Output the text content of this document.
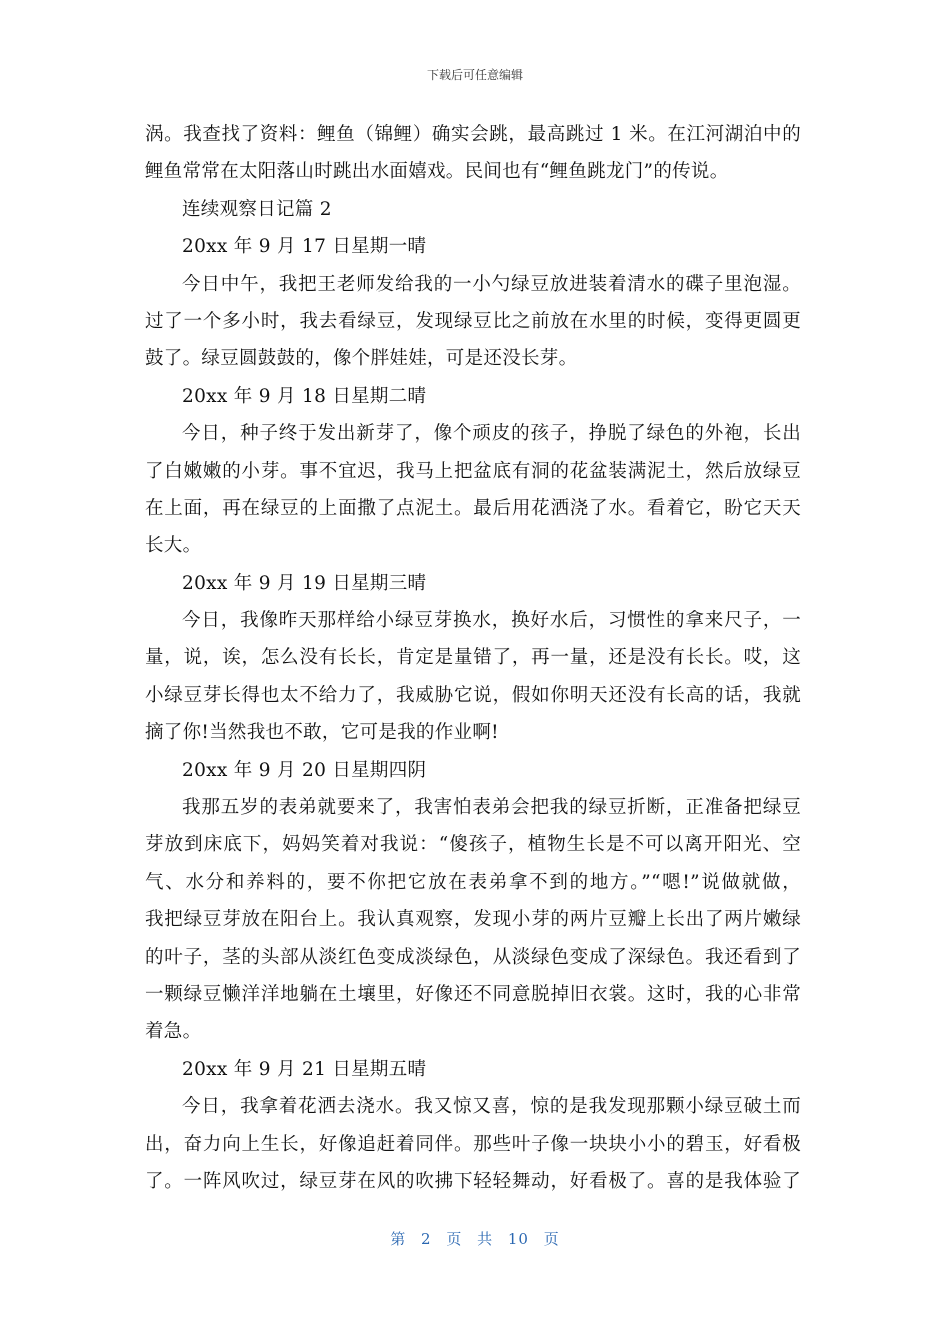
下载后可任意编辑
涡。我查找了资料：鲤鱼（锦鲤）确实会跳，最高跳过 1 米。在江河湖泊中的
鲤鱼常常在太阳落山时跳出水面嬉戏。民间也有“鲤鱼跳龙门”的传说。
连续观察日记篇 2
20xx 年 9 月 17 日星期一晴
今日中午，我把王老师发给我的一小勺绿豆放进装着清水的碟子里泡湿。
过了一个多小时，我去看绿豆，发现绿豆比之前放在水里的时候，变得更圆更
鼓了。绿豆圆鼓鼓的，像个胖娃娃，可是还没长芽。
20xx 年 9 月 18 日星期二晴
今日，种子终于发出新芽了，像个顽皮的孩子，挣脱了绿色的外袍，长出
了白嫩嫩的小芽。事不宜迟，我马上把盆底有洞的花盆装满泥土，然后放绿豆
在上面，再在绿豆的上面撒了点泥土。最后用花洒浇了水。看着它，盼它天天
长大。
20xx 年 9 月 19 日星期三晴
今日，我像昨天那样给小绿豆芽换水，换好水后，习惯性的拿来尺子，一
量，说，诶，怎么没有长长，肯定是量错了，再一量，还是没有长长。哎，这
小绿豆芽长得也太不给力了，我威胁它说，假如你明天还没有长高的话，我就
摘了你!当然我也不敢，它可是我的作业啊!
20xx 年 9 月 20 日星期四阴
我那五岁的表弟就要来了，我害怕表弟会把我的绿豆折断，正准备把绿豆
芽放到床底下，妈妈笑着对我说：“傻孩子，植物生长是不可以离开阳光、空
气、水分和养料的，要不你把它放在表弟拿不到的地方。”“嗯!”说做就做，
我把绿豆芽放在阳台上。我认真观察，发现小芽的两片豆瓣上长出了两片嫩绿
的叶子，茎的头部从淡红色变成淡绿色，从淡绿色变成了深绿色。我还看到了
一颗绿豆懒洋洋地躺在土壤里，好像还不同意脱掉旧衣裳。这时，我的心非常
着急。
20xx 年 9 月 21 日星期五晴
今日，我拿着花洒去浇水。我又惊又喜，惊的是我发现那颗小绿豆破土而
出，奋力向上生长，好像追赶着同伴。那些叶子像一块块小小的碧玉，好看极
了。一阵风吹过，绿豆芽在风的吹拂下轻轻舞动，好看极了。喜的是我体验了
第 2 页 共 10 页
